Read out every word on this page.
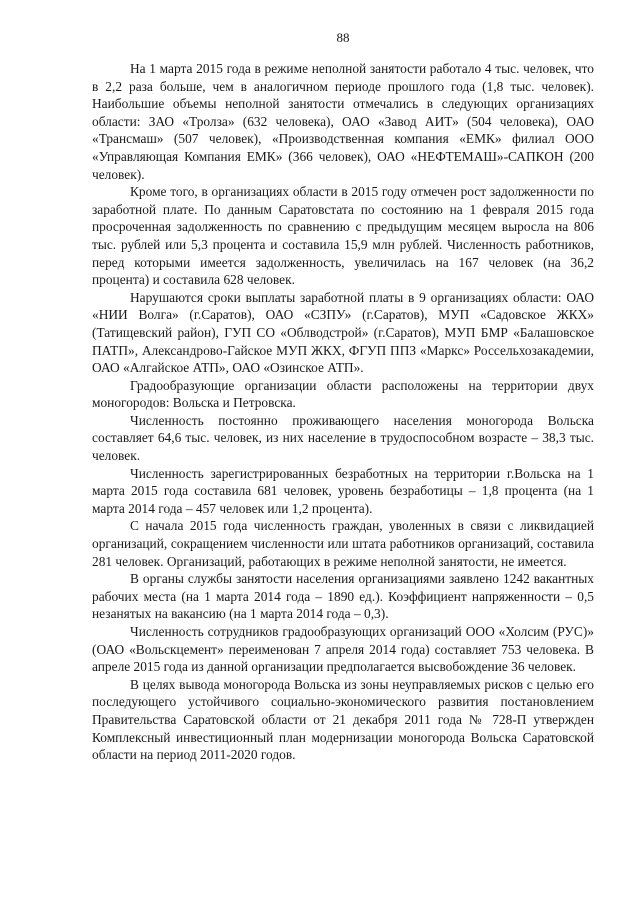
88

На 1 марта 2015 года в режиме неполной занятости работало 4 тыс. человек, что в 2,2 раза больше, чем в аналогичном периоде прошлого года (1,8 тыс. человек). Наибольшие объемы неполной занятости отмечались в следующих организациях области: ЗАО «Тролза» (632 человека), ОАО «Завод АИТ» (504 человека), ОАО «Трансмаш» (507 человек), «Производственная компания «ЕМК» филиал ООО «Управляющая Компания ЕМК» (366 человек), ОАО «НЕФТЕМАШ»-САПКОН (200 человек).

Кроме того, в организациях области в 2015 году отмечен рост задолженности по заработной плате. По данным Саратовстата по состоянию на 1 февраля 2015 года просроченная задолженность по сравнению с предыдущим месяцем выросла на 806 тыс. рублей или 5,3 процента и составила 15,9 млн рублей. Численность работников, перед которыми имеется задолженность, увеличилась на 167 человек (на 36,2 процента) и составила 628 человек.

Нарушаются сроки выплаты заработной платы в 9 организациях области: ОАО «НИИ Волга» (г.Саратов), ОАО «СЗПУ» (г.Саратов), МУП «Садовское ЖКХ» (Татищевский район), ГУП СО «Облводстрой» (г.Саратов), МУП БМР «Балашовское ПАТП», Александрово-Гайское МУП ЖКХ, ФГУП ППЗ «Маркс» Россельхозакадемии, ОАО «Алгайское АТП», ОАО «Озинское АТП».

Градообразующие организации области расположены на территории двух моногородов: Вольска и Петровска.

Численность постоянно проживающего населения моногорода Вольска составляет 64,6 тыс. человек, из них население в трудоспособном возрасте – 38,3 тыс. человек.

Численность зарегистрированных безработных на территории г.Вольска на 1 марта 2015 года составила 681 человек, уровень безработицы – 1,8 процента (на 1 марта 2014 года – 457 человек или 1,2 процента).

С начала 2015 года численность граждан, уволенных в связи с ликвидацией организаций, сокращением численности или штата работников организаций, составила 281 человек. Организаций, работающих в режиме неполной занятости, не имеется.

В органы службы занятости населения организациями заявлено 1242 вакантных рабочих места (на 1 марта 2014 года – 1890 ед.). Коэффициент напряженности – 0,5 незанятых на вакансию (на 1 марта 2014 года – 0,3).

Численность сотрудников градообразующих организаций ООО «Холсим (РУС)» (ОАО «Вольскцемент» переименован 7 апреля 2014 года) составляет 753 человека. В апреле 2015 года из данной организации предполагается высвобождение 36 человек.

В целях вывода моногорода Вольска из зоны неуправляемых рисков с целью его последующего устойчивого социально-экономического развития постановлением Правительства Саратовской области от 21 декабря 2011 года № 728-П утвержден Комплексный инвестиционный план модернизации моногорода Вольска Саратовской области на период 2011-2020 годов.
